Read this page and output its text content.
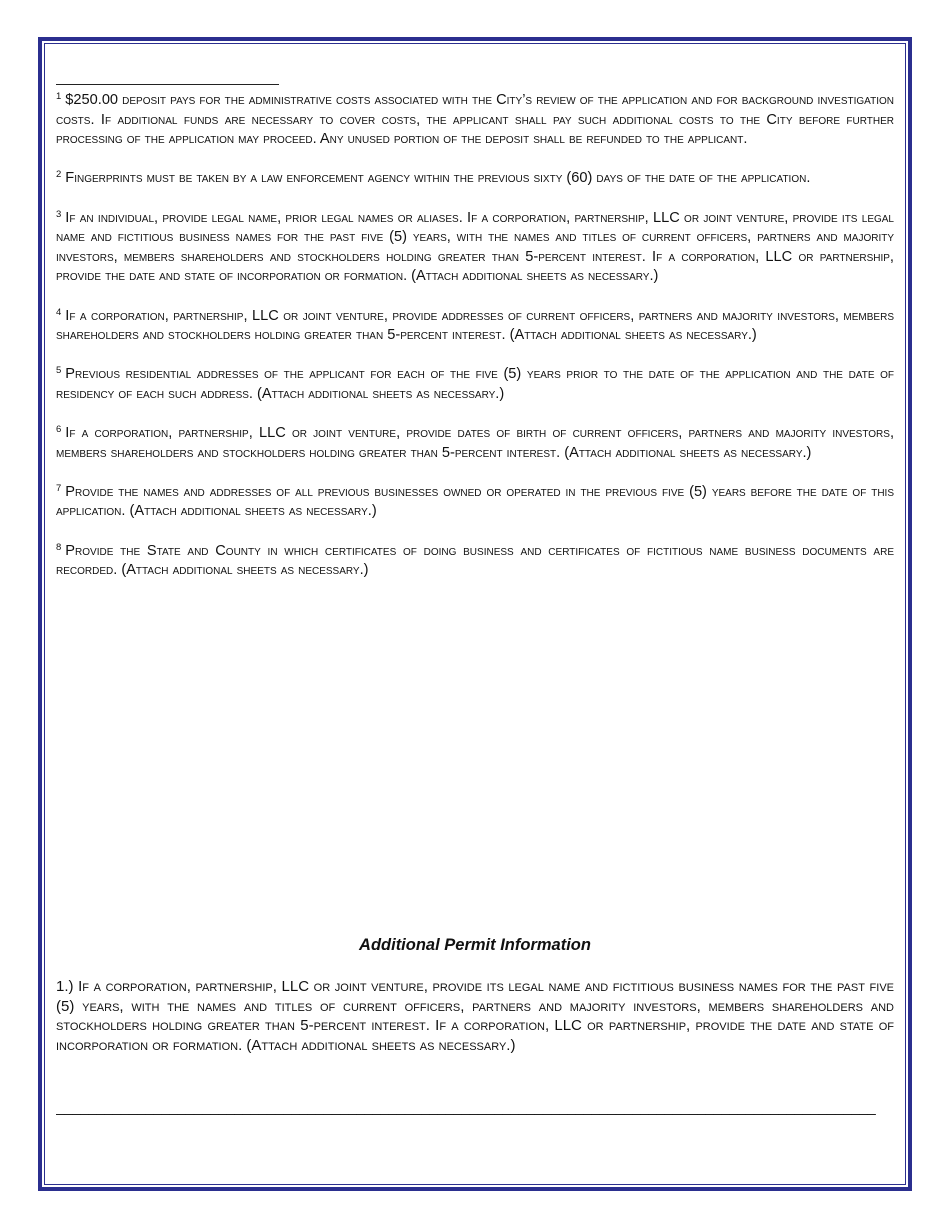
$^1$ $250.00 deposit pays for the administrative costs associated with the City’s review of the application and for background investigation costs. If additional funds are necessary to cover costs, the applicant shall pay such additional costs to the City before further processing of the application may proceed. Any unused portion of the deposit shall be refunded to the applicant.

$^2$ Fingerprints must be taken by a law enforcement agency within the previous sixty (60) days of the date of the application.

$^3$ If an individual, provide legal name, prior legal names or aliases. If a corporation, partnership, LLC or joint venture, provide its legal name and fictitious business names for the past five (5) years, with the names and titles of current officers, partners and majority investors, members shareholders and stockholders holding greater than 5-percent interest. If a corporation, LLC or partnership, provide the date and state of incorporation or formation. (Attach additional sheets as necessary.)

$^4$ If a corporation, partnership, LLC or joint venture, provide addresses of current officers, partners and majority investors, members shareholders and stockholders holding greater than 5-percent interest. (Attach additional sheets as necessary.)

$^5$ Previous residential addresses of the applicant for each of the five (5) years prior to the date of the application and the date of residency of each such address. (Attach additional sheets as necessary.)

$^6$ If a corporation, partnership, LLC or joint venture, provide dates of birth of current officers, partners and majority investors, members shareholders and stockholders holding greater than 5-percent interest. (Attach additional sheets as necessary.)

$^7$ Provide the names and addresses of all previous businesses owned or operated in the previous five (5) years before the date of this application. (Attach additional sheets as necessary.)

$^8$ Provide the State and County in which certificates of doing business and certificates of fictitious name business documents are recorded. (Attach additional sheets as necessary.)

Additional Permit Information

1.) If a corporation, partnership, LLC or joint venture, provide its legal name and fictitious business names for the past five (5) years, with the names and titles of current officers, partners and majority investors, members shareholders and stockholders holding greater than 5-percent interest. If a corporation, LLC or partnership, provide the date and state of incorporation or formation. (Attach additional sheets as necessary.)

_____________________________________________________________________________________________________
